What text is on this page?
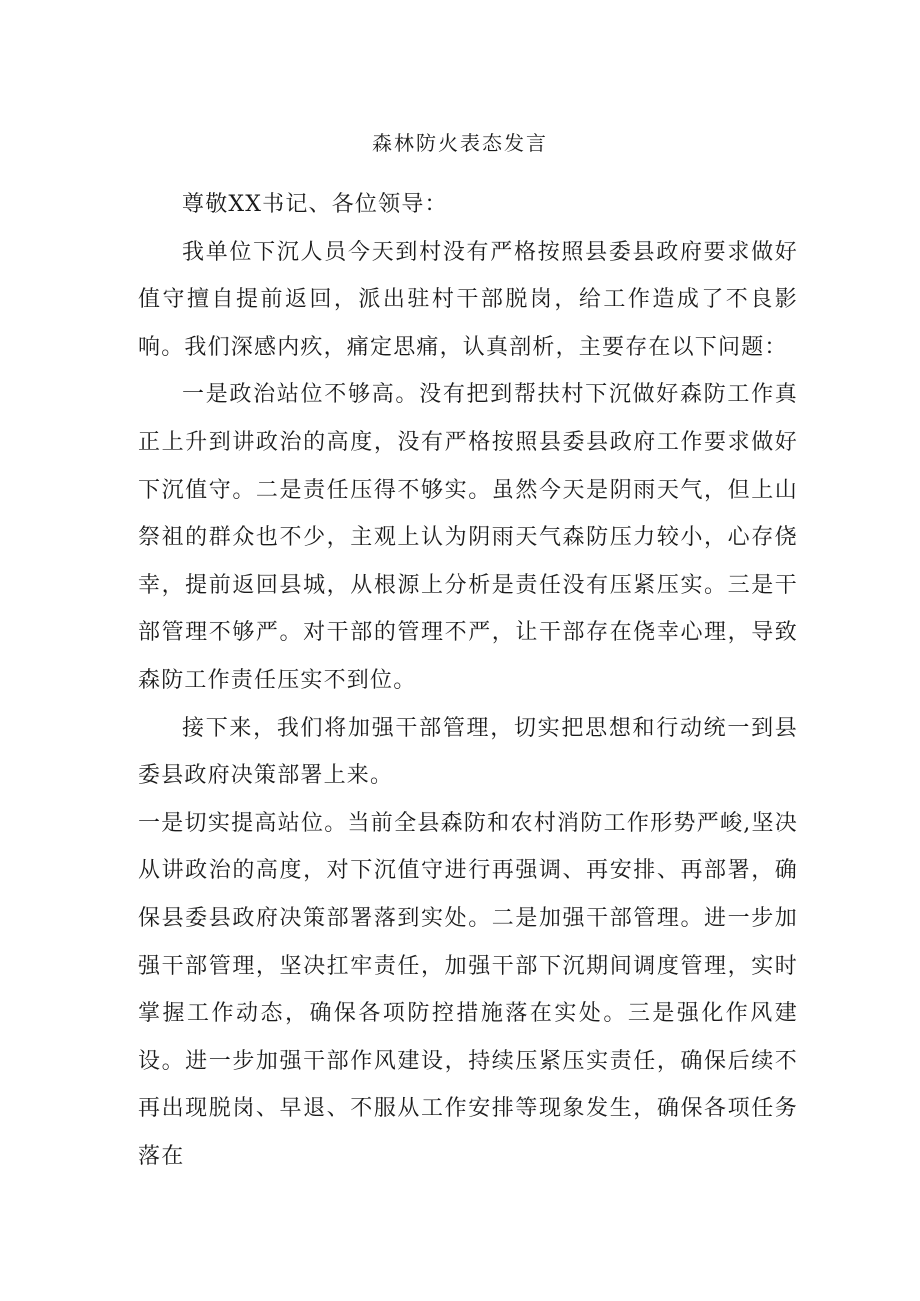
森林防火表态发言

尊敬XX书记、各位领导：

我单位下沉人员今天到村没有严格按照县委县政府要求做好值守擅自提前返回，派出驻村干部脱岗，给工作造成了不良影响。我们深感内疚，痛定思痛，认真剖析，主要存在以下问题：

一是政治站位不够高。没有把到帮扶村下沉做好森防工作真正上升到讲政治的高度，没有严格按照县委县政府工作要求做好下沉值守。二是责任压得不够实。虽然今天是阴雨天气，但上山祭祖的群众也不少，主观上认为阴雨天气森防压力较小，心存侥幸，提前返回县城，从根源上分析是责任没有压紧压实。三是干部管理不够严。对干部的管理不严，让干部存在侥幸心理，导致森防工作责任压实不到位。

接下来，我们将加强干部管理，切实把思想和行动统一到县委县政府决策部署上来。

一是切实提高站位。当前全县森防和农村消防工作形势严峻,坚决从讲政治的高度，对下沉值守进行再强调、再安排、再部署，确保县委县政府决策部署落到实处。二是加强干部管理。进一步加强干部管理，坚决扛牢责任，加强干部下沉期间调度管理，实时掌握工作动态，确保各项防控措施落在实处。三是强化作风建设。进一步加强干部作风建设，持续压紧压实责任，确保后续不再出现脱岗、早退、不服从工作安排等现象发生，确保各项任务落在
